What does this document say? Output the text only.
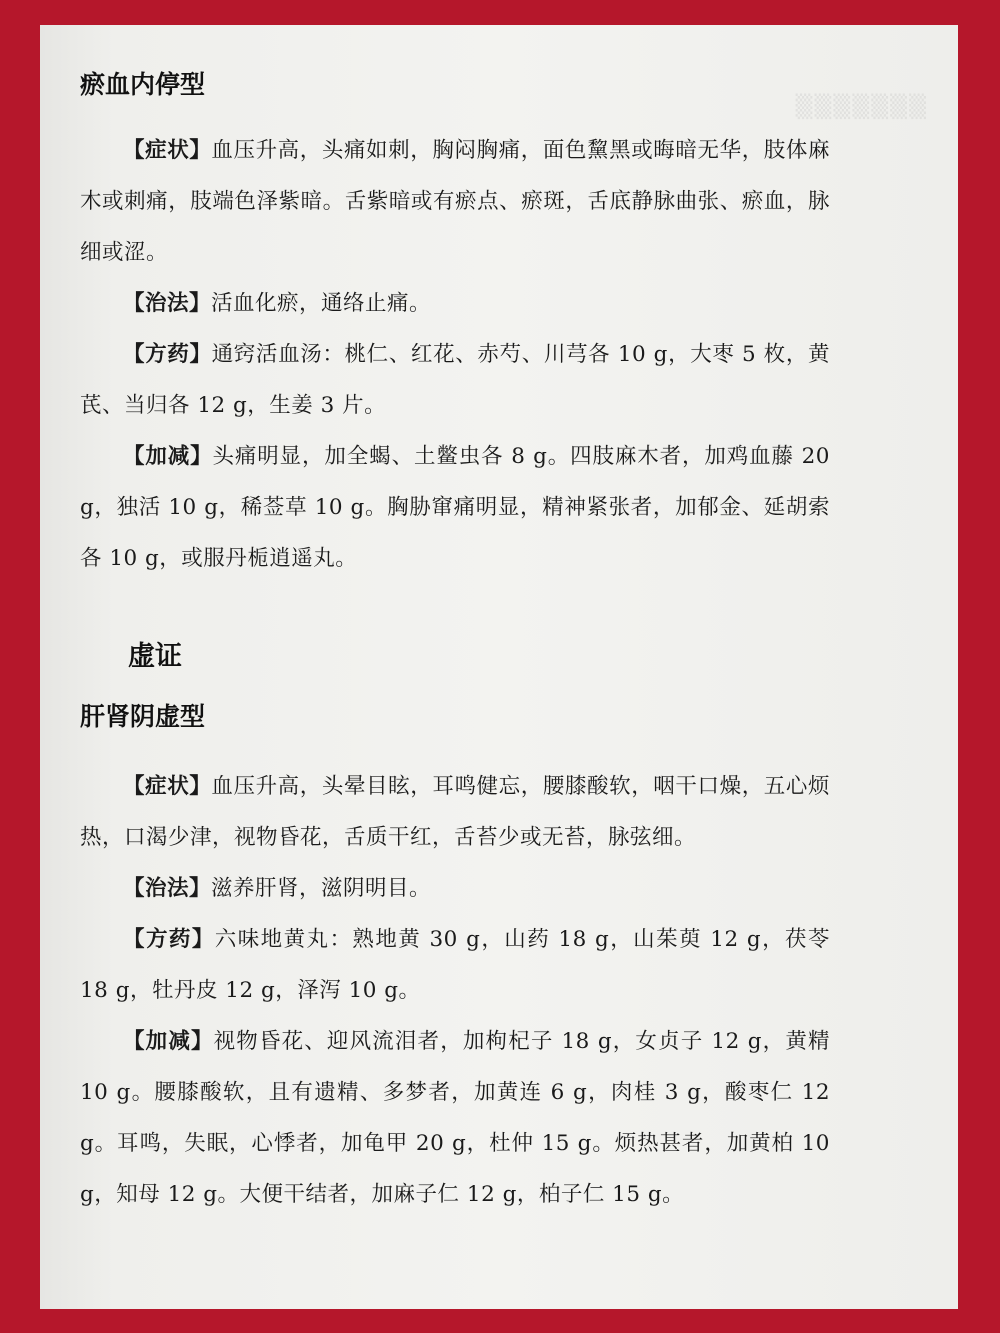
▒▒▒▒▒▒▒
瘀血内停型

【症状】血压升高，头痛如刺，胸闷胸痛，面色黧黑或晦暗无华，肢体麻木或刺痛，肢端色泽紫暗。舌紫暗或有瘀点、瘀斑，舌底静脉曲张、瘀血，脉细或涩。

【治法】活血化瘀，通络止痛。

【方药】通窍活血汤：桃仁、红花、赤芍、川芎各 10 g，大枣 5 枚，黄芪、当归各 12 g，生姜 3 片。

【加减】头痛明显，加全蝎、土鳖虫各 8 g。四肢麻木者，加鸡血藤 20 g，独活 10 g，稀莶草 10 g。胸胁窜痛明显，精神紧张者，加郁金、延胡索各 10 g，或服丹栀逍遥丸。

虚证
肝肾阴虚型

【症状】血压升高，头晕目眩，耳鸣健忘，腰膝酸软，咽干口燥，五心烦热，口渴少津，视物昏花，舌质干红，舌苔少或无苔，脉弦细。

【治法】滋养肝肾，滋阴明目。

【方药】六味地黄丸：熟地黄 30 g，山药 18 g，山茱萸 12 g，茯苓 18 g，牡丹皮 12 g，泽泻 10 g。

【加减】视物昏花、迎风流泪者，加枸杞子 18 g，女贞子 12 g，黄精 10 g。腰膝酸软，且有遗精、多梦者，加黄连 6 g，肉桂 3 g，酸枣仁 12 g。耳鸣，失眠，心悸者，加龟甲 20 g，杜仲 15 g。烦热甚者，加黄柏 10 g，知母 12 g。大便干结者，加麻子仁 12 g，柏子仁 15 g。
